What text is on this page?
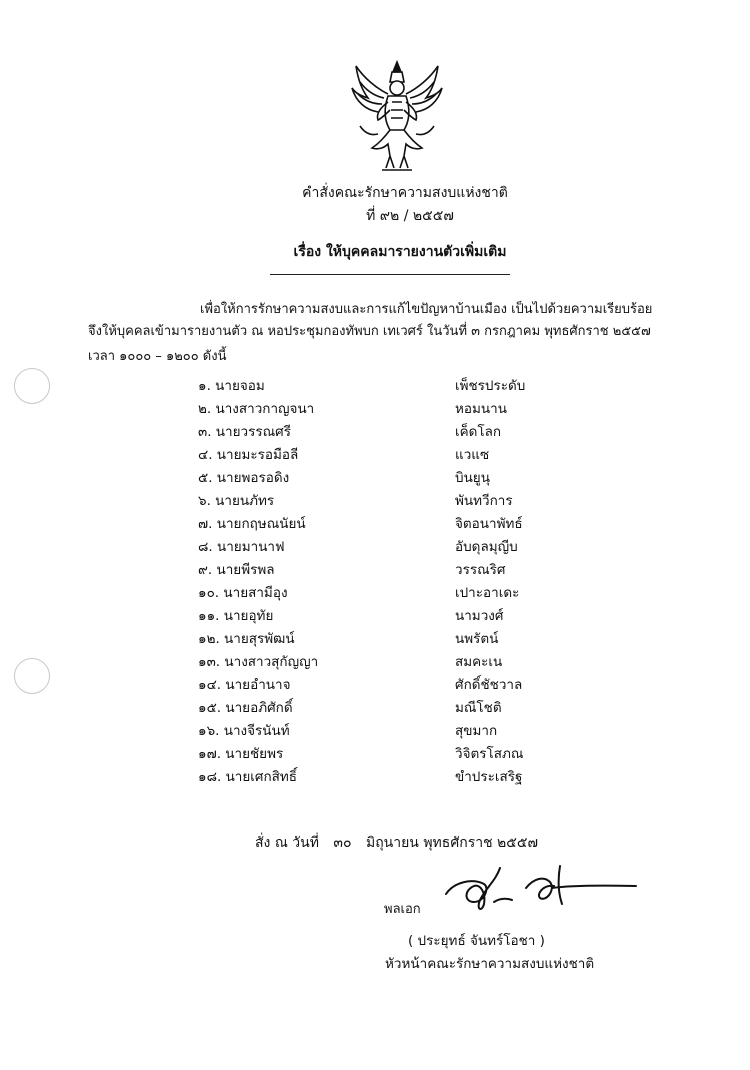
คำสั่งคณะรักษาความสงบแห่งชาติ
ที่ ๙๒ / ๒๕๕๗
เรื่อง ให้บุคคลมารายงานตัวเพิ่มเติม
เพื่อให้การรักษาความสงบและการแก้ไขปัญหาบ้านเมือง เป็นไปด้วยความเรียบร้อย
จึงให้บุคคลเข้ามารายงานตัว ณ หอประชุมกองทัพบก เทเวศร์ ในวันที่ ๓ กรกฎาคม พุทธศักราช ๒๕๕๗
เวลา ๑๐๐๐ – ๑๒๐๐ ดังนี้
๑. นายจอม	เพ็ชรประดับ
๒. นางสาวกาญจนา	หอมนาน
๓. นายวรรณศรี	เค็ดโลก
๔. นายมะรอมือลี	แวแซ
๕. นายพอรอดิง	บินยูนุ
๖. นายนภัทร	พันทวีการ
๗. นายกฤษณนัยน์	จิตอนาพัทธ์
๘. นายมานาฟ	อับดุลมุญีบ
๙. นายพีรพล	วรรณริศ
๑๐. นายสามีอุง	เปาะอาเดะ
๑๑. นายอุทัย	นามวงศ์
๑๒. นายสุรพัฒน์	นพรัตน์
๑๓. นางสาวสุกัญญา	สมคะเน
๑๔. นายอำนาจ	ศักดิ์ชัชวาล
๑๕. นายอภิศักดิ์	มณีโชติ
๑๖. นางจีรนันท์	สุขมาก
๑๗. นายชัยพร	วิจิตรโสภณ
๑๘. นายเศกสิทธิ์	ขำประเสริฐ
สั่ง ณ วันที่ ๓๐ มิถุนายน พุทธศักราช ๒๕๕๗
พลเอก
( ประยุทธ์ จันทร์โอชา )
หัวหน้าคณะรักษาความสงบแห่งชาติ
